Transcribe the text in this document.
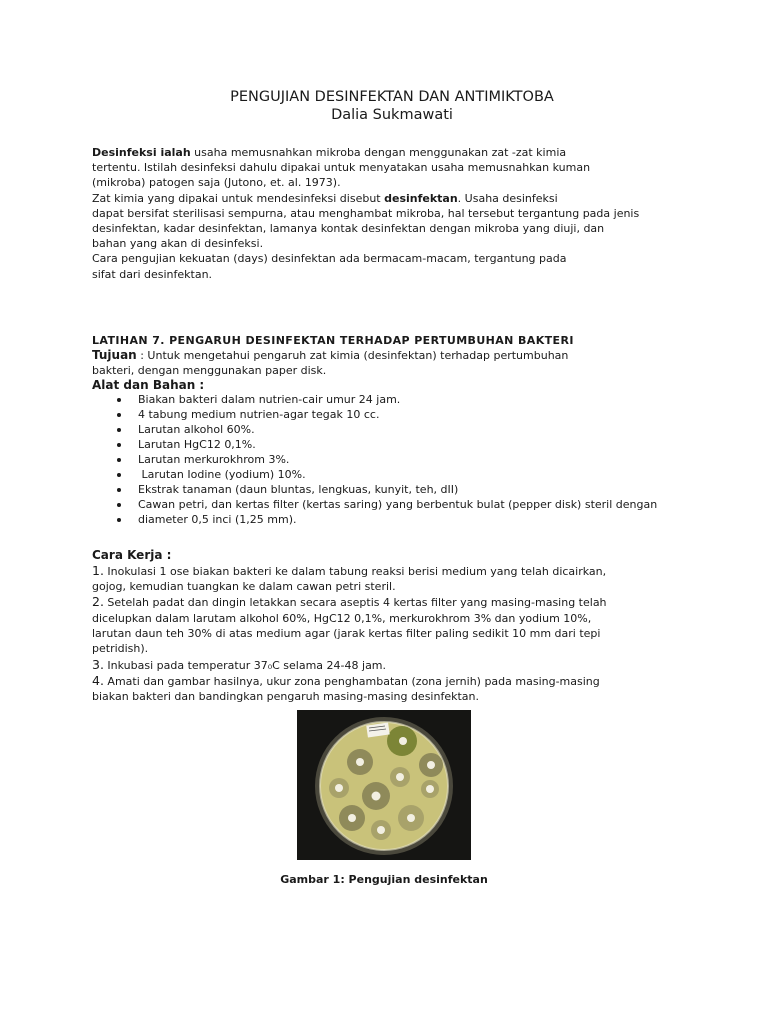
PENGUJIAN DESINFEKTAN DAN ANTIMIKTOBA
Dalia Sukmawati

Desinfeksi ialah usaha memusnahkan mikroba dengan menggunakan zat -zat kimia

tertentu. Istilah desinfeksi dahulu dipakai untuk menyatakan usaha memusnahkan kuman

(mikroba) patogen saja (Jutono, et. al. 1973).

Zat kimia yang dipakai untuk mendesinfeksi disebut desinfektan. Usaha desinfeksi

dapat bersifat sterilisasi sempurna, atau menghambat mikroba, hal tersebut tergantung pada jenis

desinfektan, kadar desinfektan, lamanya kontak desinfektan dengan mikroba yang diuji, dan

bahan yang akan di desinfeksi.

Cara pengujian kekuatan (days) desinfektan ada bermacam-macam, tergantung pada

sifat dari desinfektan.

LATIHAN 7. PENGARUH DESINFEKTAN TERHADAP PERTUMBUHAN BAKTERI
Tujuan : Untuk mengetahui pengaruh zat kimia (desinfektan) terhadap pertumbuhan
bakteri, dengan menggunakan paper disk.
Alat dan Bahan :
Biakan bakteri dalam nutrien-cair umur 24 jam.
4 tabung medium nutrien-agar tegak 10 cc.
Larutan alkohol 60%.
Larutan HgC12 0,1%.
Larutan merkurokhrom 3%.
Larutan Iodine (yodium) 10%.
Ekstrak tanaman (daun bluntas, lengkuas, kunyit, teh, dII)
Cawan petri, dan kertas filter (kertas saring) yang berbentuk bulat (pepper disk) steril dengan
diameter 0,5 inci (1,25 mm).
Cara Kerja :
1. Inokulasi 1 ose biakan bakteri ke dalam tabung reaksi berisi medium yang telah dicairkan,
gojog, kemudian tuangkan ke dalam cawan petri steril.
2. Setelah padat dan dingin letakkan secara aseptis 4 kertas filter yang masing-masing telah
dicelupkan dalam larutam alkohol 60%, HgC12 0,1%, merkurokhrom 3% dan yodium 10%,
larutan daun teh 30% di atas medium agar (jarak kertas filter paling sedikit 10 mm dari tepi
petridish).
3. Inkubasi pada temperatur 37₀C selama 24-48 jam.
4. Amati dan gambar hasilnya, ukur zona penghambatan (zona jernih) pada masing-masing
biakan bakteri dan bandingkan pengaruh masing-masing desinfektan.
Gambar 1: Pengujian desinfektan
